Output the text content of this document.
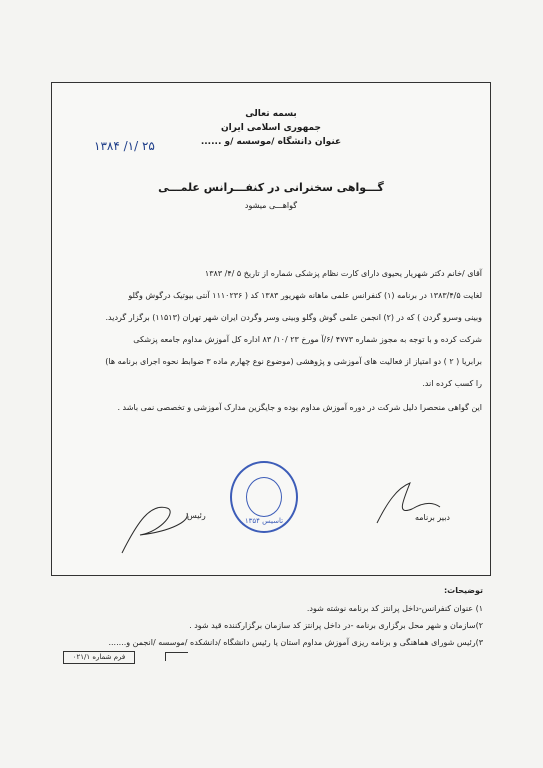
بسمه تعالی
جمهوری اسلامی ایران
عنوان دانشگاه /موسسه /و ......
۱۳۸۴ /۱/ ۲۵
گـــواهی سخنرانی در کنفـــرانس علمـــی
گواهـــی میشود
آقای /خانم دکتر شهریار یحیوی دارای کارت نظام پزشکی شماره از تاریخ ۵ /۴/ ۱۳۸۳
لغایت ۱۳۸۳/۴/۵ در برنامه (۱) کنفرانس علمی ماهانه شهریور ۱۳۸۳ کد ( ۱۱۱۰۲۳۶ آنتی بیوتیک درگوش وگلو
وبینی وسرو گردن ) که در (۲) انجمن علمی گوش وگلو وبینی وسر وگردن ایران شهر تهران (۱۱۵۱۳) برگزار گردید.
شرکت کرده و با توجه به مجوز شماره ۴۷۷۳ /۶/آ مورخ ۲۳ /۱۰/ ۸۳ اداره کل آموزش مداوم جامعه پزشکی
برابریا ( ۲ ) دو امتیاز از فعالیت های آموزشی و پژوهشی (موضوع نوع چهارم ماده ۳ ضوابط نحوه اجرای برنامه ها)
را کسب کرده اند.
این گواهی منحصرا دلیل شرکت در دوره آموزش مداوم بوده و جایگزین مدارک آموزشی و تخصصی نمی باشد .
دبیر برنامه
رئیس
تاسیس ۱۳۵۴
توضیحات:
۱) عنوان کنفرانس-داخل پرانتز کد برنامه نوشته شود.
۲)سازمان و شهر محل برگزاری برنامه -در داخل پرانتز کد سازمان برگزارکننده قید شود .
۳)رئیس شورای هماهنگی و برنامه ریزی آموزش مداوم استان یا رئیس دانشگاه /دانشکده /موسسه /انجمن و.......
فرم شماره ۰۲۱/۱
